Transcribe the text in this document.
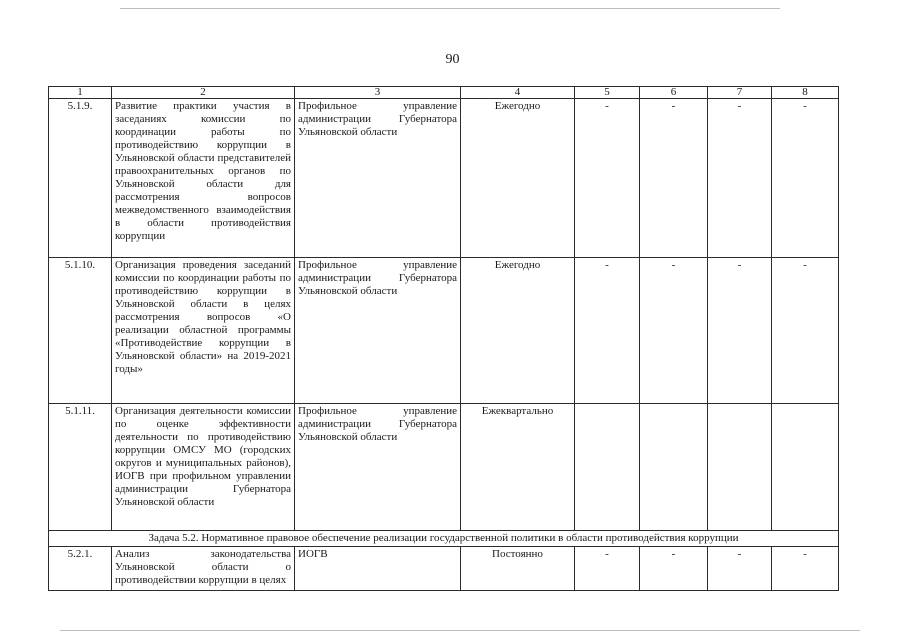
90
1	2	3	4	5	6	7	8
5.1.9.	Развитие практики участия в заседаниях комиссии по координации работы по противодействию коррупции в Ульяновской области представителей правоохранительных органов по Ульяновской области для рассмотрения вопросов межведомственного взаимодействия в области противодействия коррупции	Профильное управление администрации Губернатора Ульяновской области	Ежегодно	-	-	-	-
5.1.10.	Организация проведения заседаний комиссии по координации работы по противодействию коррупции в Ульяновской области в целях рассмотрения вопросов «О реализации областной программы «Противодействие коррупции в Ульяновской области» на 2019-2021 годы»	Профильное управление администрации Губернатора Ульяновской области	Ежегодно	-	-	-	-
5.1.11.	Организация деятельности комиссии по оценке эффективности деятельности по противодействию коррупции ОМСУ МО (городских округов и муниципальных районов), ИОГВ при профильном управлении администрации Губернатора Ульяновской области	Профильное управление администрации Губернатора Ульяновской области	Ежеквартально				
Задача 5.2. Нормативное правовое обеспечение реализации государственной политики в области противодействия коррупции							
5.2.1.	Анализ законодательства Ульяновской области о противодействии коррупции в целях	ИОГВ	Постоянно	-	-	-	-
